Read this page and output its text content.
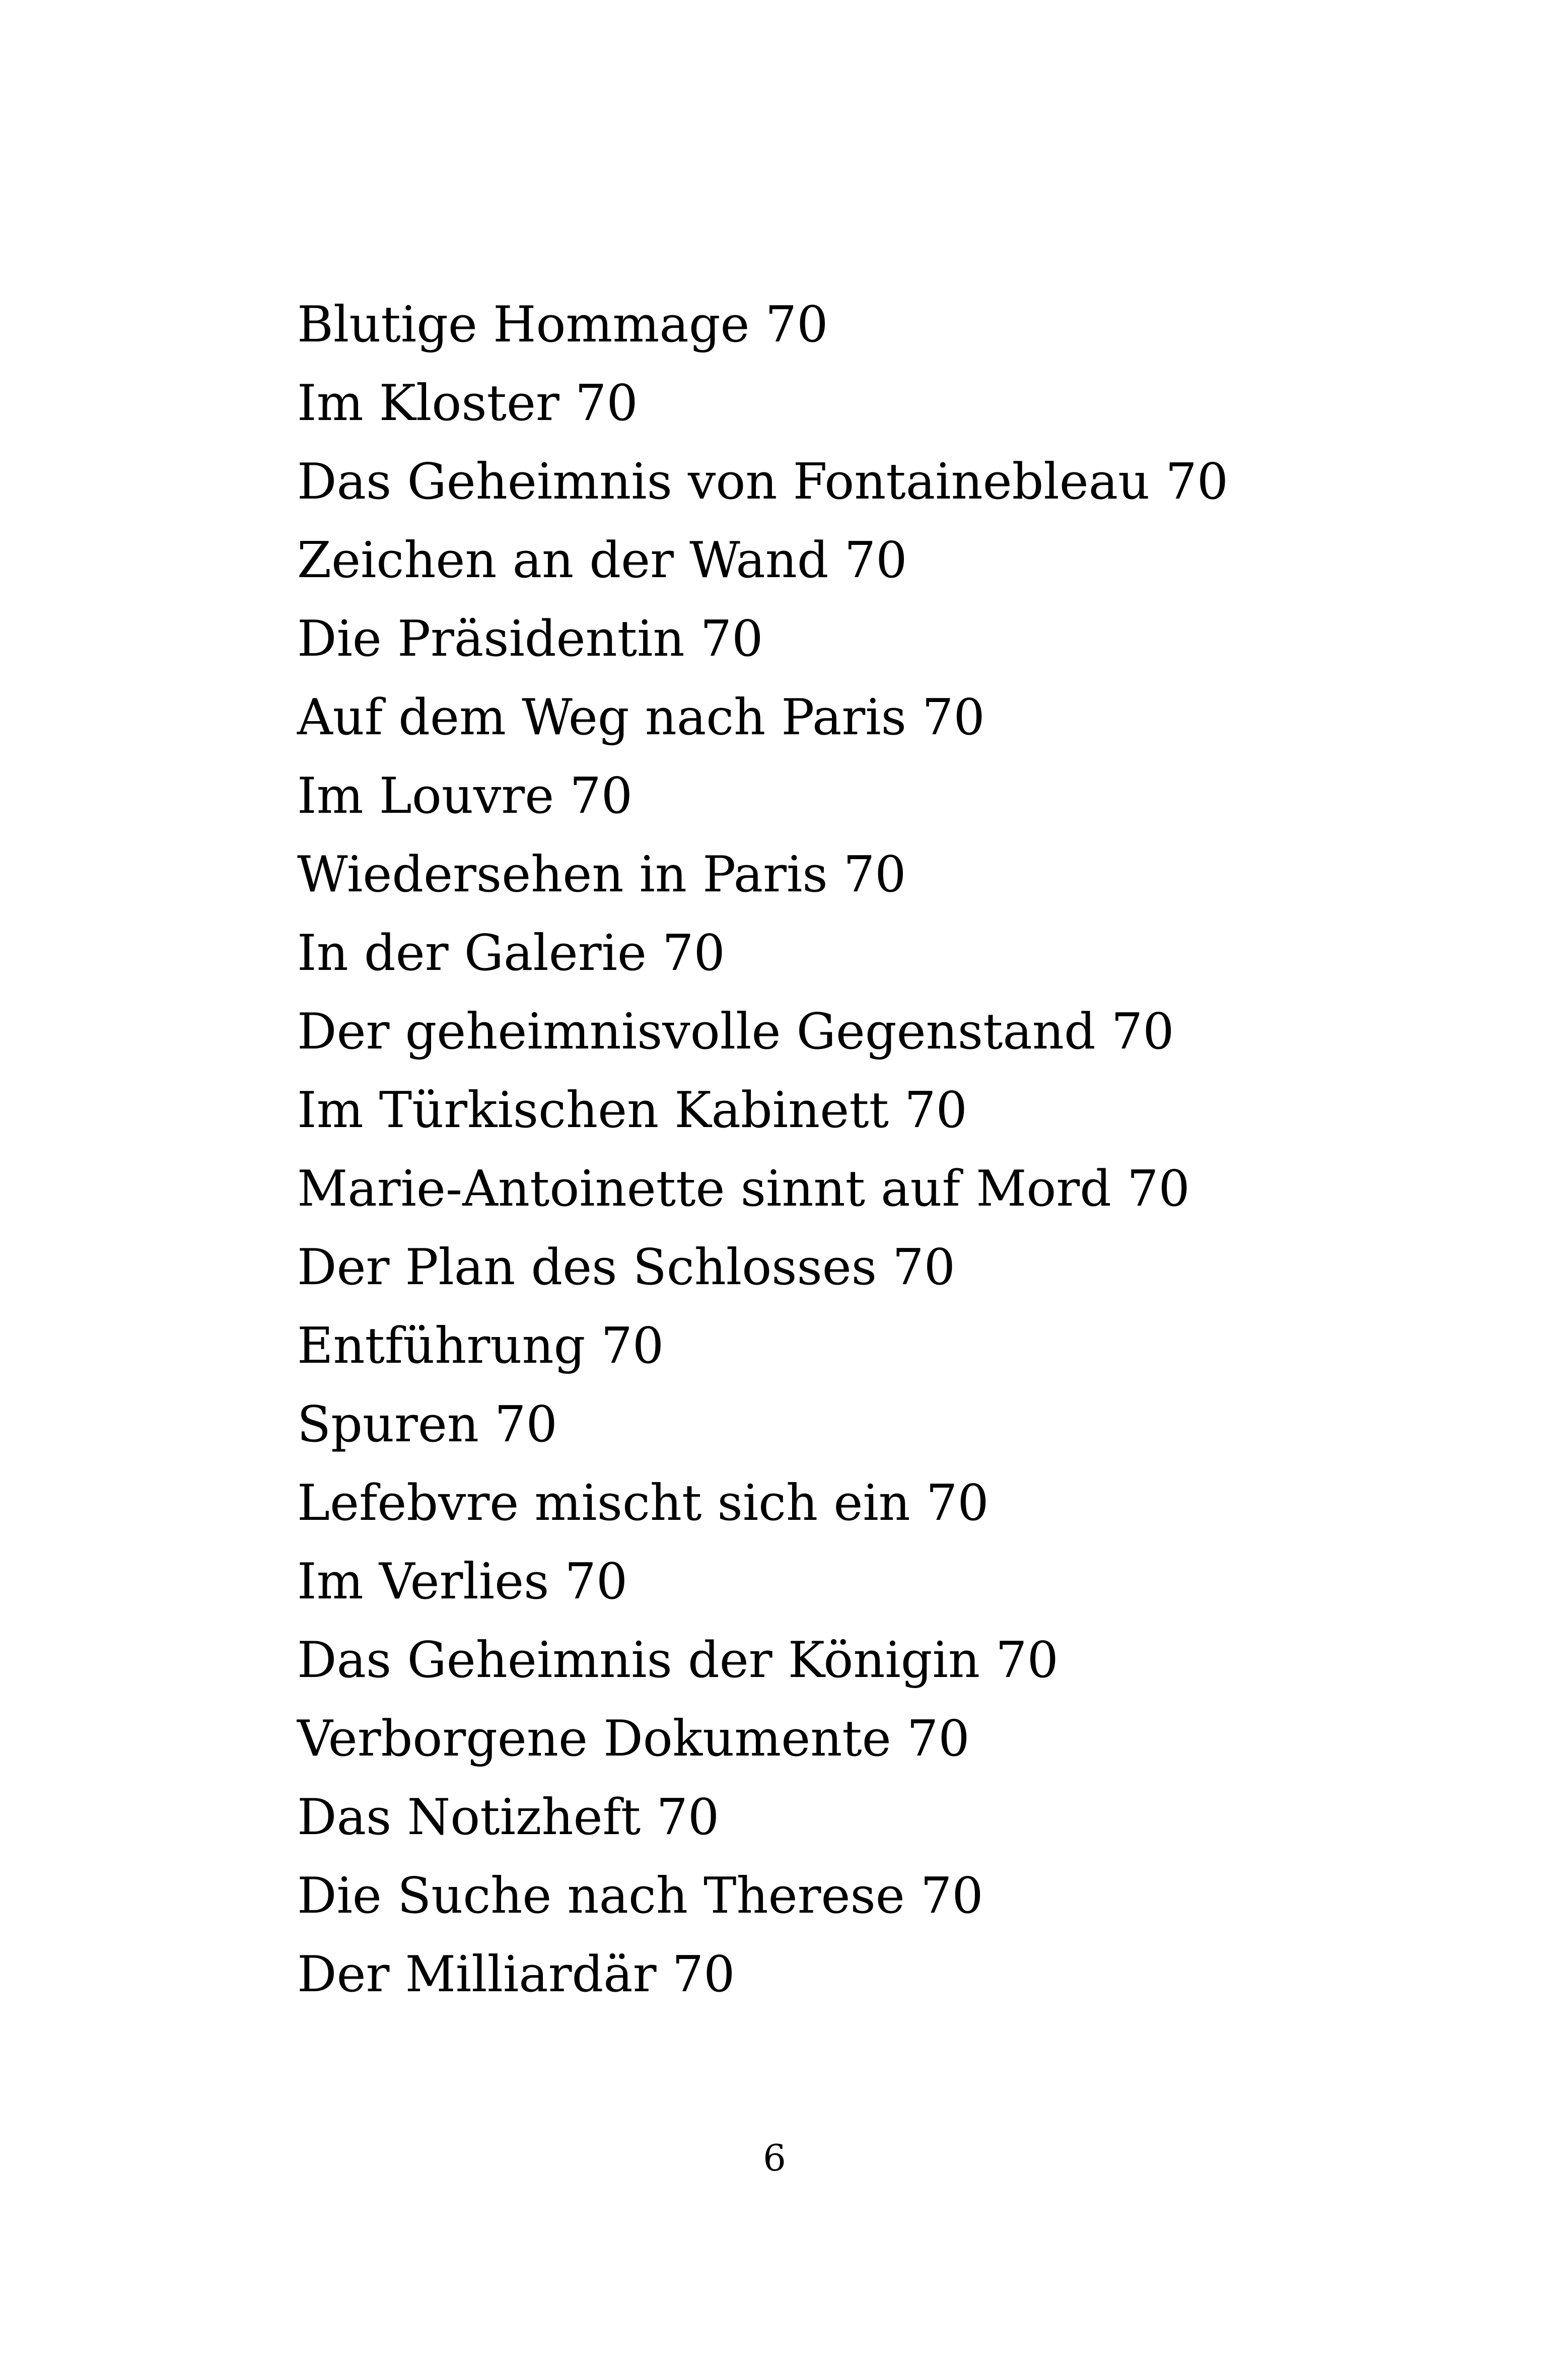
Blutige Hommage 70
Im Kloster 70
Das Geheimnis von Fontainebleau 70
Zeichen an der Wand 70
Die Präsidentin 70
Auf dem Weg nach Paris 70
Im Louvre 70
Wiedersehen in Paris 70
In der Galerie 70
Der geheimnisvolle Gegenstand 70
Im Türkischen Kabinett 70
Marie-Antoinette sinnt auf Mord 70
Der Plan des Schlosses 70
Entführung 70
Spuren 70
Lefebvre mischt sich ein 70
Im Verlies 70
Das Geheimnis der Königin 70
Verborgene Dokumente 70
Das Notizheft 70
Die Suche nach Therese 70
Der Milliardär 70
6
